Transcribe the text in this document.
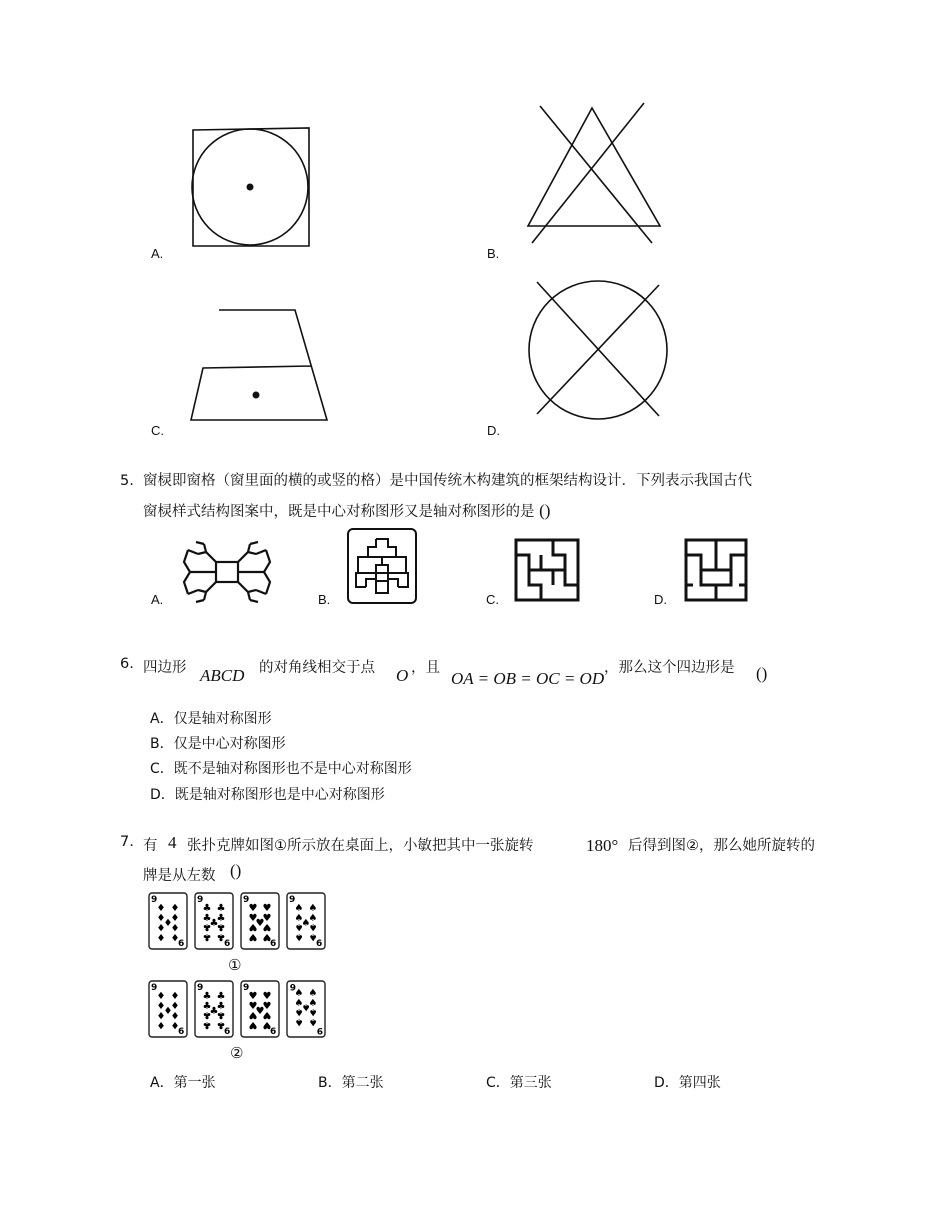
A.	B.
C.	D.
5. 窗棂即窗格（窗里面的横的或竖的格）是中国传统木构建筑的框架结构设计．下列表示我国古代
窗棂样式结构图案中，既是中心对称图形又是轴对称图形的是 ()
A.	B.	C.	D.
6. 四边形 ABCD 的对角线相交于点 O ，且
OA = OB = OC = OD
，那么这个四边形是 ()
A．仅是轴对称图形
B．仅是中心对称图形
C．既不是轴对称图形也不是中心对称图形
D．既是轴对称图形也是中心对称图形
7. 有 4 张扑克牌如图①所示放在桌面上，小敏把其中一张旋转	180° 后得到图②，那么她所旋转的
牌是从左数 ()
9
6
♦ ♦
♦ ♦
♦
♦ ♦
♦ ♦
9
6
♣ ♣
♣ ♣
♣
♣ ♣
♣ ♣
9
6
♥ ♥
♥ ♥
♥
♥ ♥
♥ ♥
9
6
♠ ♠
♠ ♠
♠
♠ ♠
♠ ♠
①
9
6
♦ ♦
♦ ♦
♦
♦ ♦
♦ ♦
9
6
♣ ♣
♣ ♣
♣
♣ ♣
♣ ♣
9
6
♥ ♥
♥ ♥
♥
♥ ♥
♥ ♥	9
6
♠
♠
♠
♠
♠
♠
♠
♠
♠
②
A．第一张	B．第二张	C．第三张	D．第四张
